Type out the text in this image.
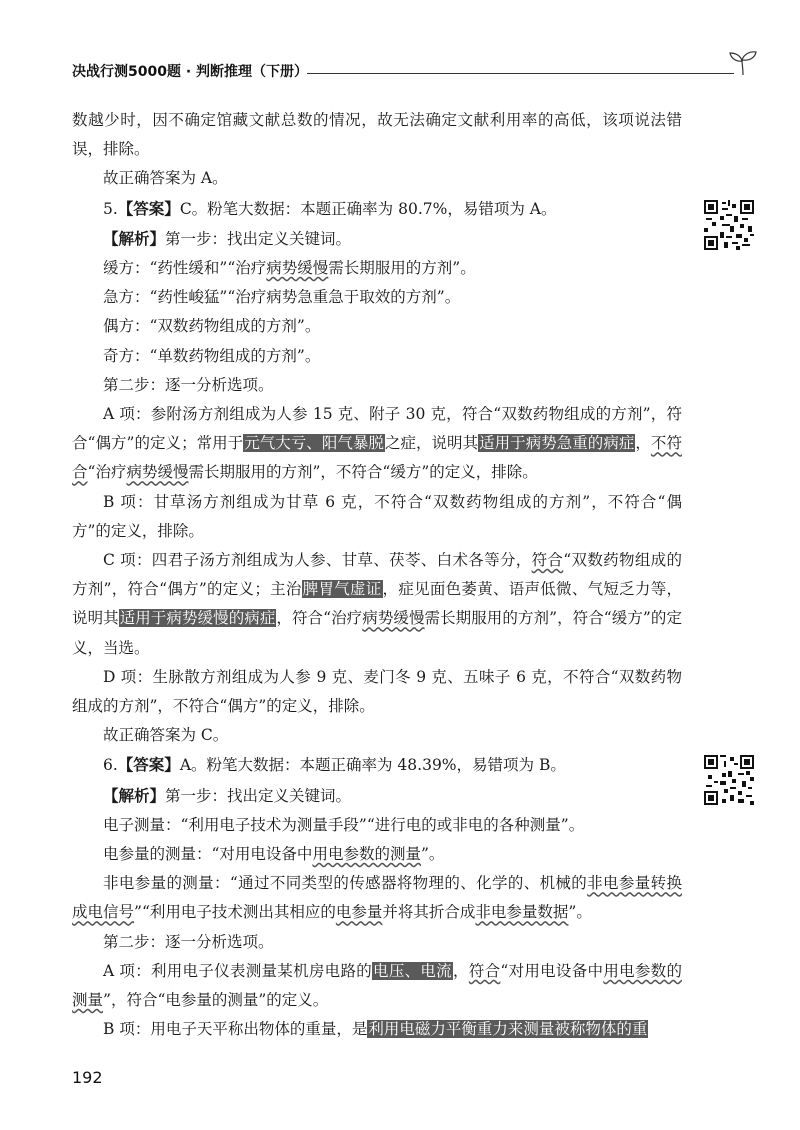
决战行测5000题 · 判断推理（下册）

数越少时，因不确定馆藏文献总数的情况，故无法确定文献利用率的高低，该项说法错误，排除。

故正确答案为 A。

5.【答案】C。粉笔大数据：本题正确率为 80.7%，易错项为 A。

【解析】第一步：找出定义关键词。

缓方：“药性缓和”“治疗病势缓慢需长期服用的方剂”。

急方：“药性峻猛”“治疗病势急重急于取效的方剂”。

偶方：“双数药物组成的方剂”。

奇方：“单数药物组成的方剂”。

第二步：逐一分析选项。

A 项：参附汤方剂组成为人参 15 克、附子 30 克，符合“双数药物组成的方剂”，符合“偶方”的定义；常用于元气大亏、阳气暴脱之症，说明其适用于病势急重的病症，不符合“治疗病势缓慢需长期服用的方剂”，不符合“缓方”的定义，排除。

B 项：甘草汤方剂组成为甘草 6 克，不符合“双数药物组成的方剂”，不符合“偶方”的定义，排除。

C 项：四君子汤方剂组成为人参、甘草、茯苓、白术各等分，符合“双数药物组成的方剂”，符合“偶方”的定义；主治脾胃气虚证，症见面色萎黄、语声低微、气短乏力等，说明其适用于病势缓慢的病症，符合“治疗病势缓慢需长期服用的方剂”，符合“缓方”的定义，当选。

D 项：生脉散方剂组成为人参 9 克、麦门冬 9 克、五味子 6 克，不符合“双数药物组成的方剂”，不符合“偶方”的定义，排除。

故正确答案为 C。

6.【答案】A。粉笔大数据：本题正确率为 48.39%，易错项为 B。

【解析】第一步：找出定义关键词。

电子测量：“利用电子技术为测量手段”“进行电的或非电的各种测量”。

电参量的测量：“对用电设备中用电参数的测量”。

非电参量的测量：“通过不同类型的传感器将物理的、化学的、机械的非电参量转换成电信号”“利用电子技术测出其相应的电参量并将其折合成非电参量数据”。

第二步：逐一分析选项。

A 项：利用电子仪表测量某机房电路的电压、电流，符合“对用电设备中用电参数的测量”，符合“电参量的测量”的定义。

B 项：用电子天平称出物体的重量，是利用电磁力平衡重力来测量被称物体的重

192
